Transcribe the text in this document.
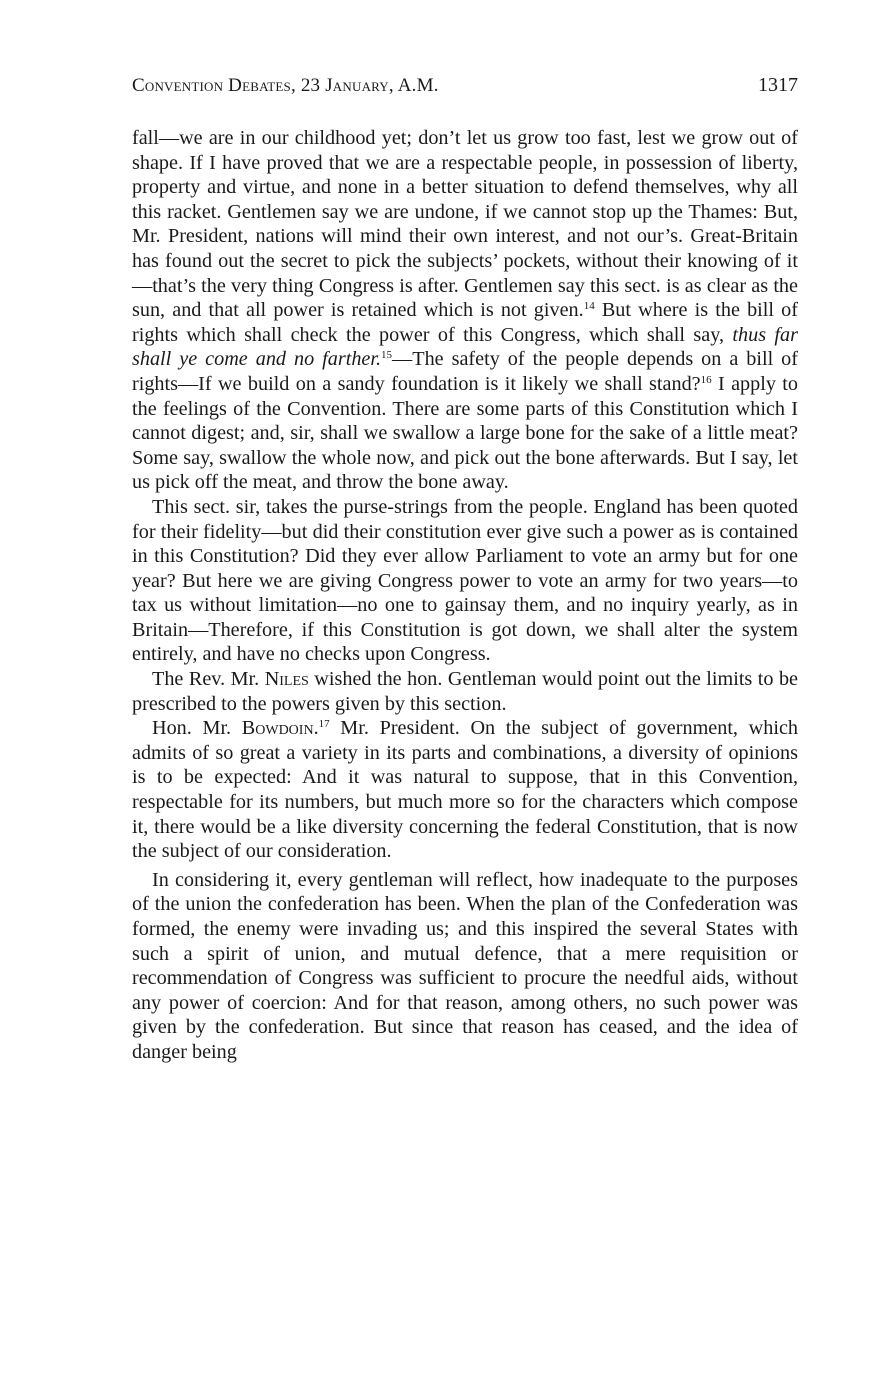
Convention Debates, 23 January, A.M.	1317

fall—we are in our childhood yet; don’t let us grow too fast, lest we grow out of shape. If I have proved that we are a respectable people, in possession of liberty, property and virtue, and none in a better situation to defend themselves, why all this racket. Gentlemen say we are undone, if we cannot stop up the Thames: But, Mr. President, nations will mind their own interest, and not our’s. Great-Britain has found out the secret to pick the subjects’ pockets, without their knowing of it—that’s the very thing Congress is after. Gentlemen say this sect. is as clear as the sun, and that all power is retained which is not given.$^{14}$ But where is the bill of rights which shall check the power of this Congress, which shall say, thus far shall ye come and no farther.$^{15}$—The safety of the people depends on a bill of rights—If we build on a sandy foundation is it likely we shall stand?$^{16}$ I apply to the feelings of the Convention. There are some parts of this Constitution which I cannot digest; and, sir, shall we swallow a large bone for the sake of a little meat? Some say, swallow the whole now, and pick out the bone afterwards. But I say, let us pick off the meat, and throw the bone away.

This sect. sir, takes the purse-strings from the people. England has been quoted for their fidelity—but did their constitution ever give such a power as is contained in this Constitution? Did they ever allow Parliament to vote an army but for one year? But here we are giving Congress power to vote an army for two years—to tax us without limitation—no one to gainsay them, and no inquiry yearly, as in Britain—Therefore, if this Constitution is got down, we shall alter the system entirely, and have no checks upon Congress.

The Rev. Mr. Niles wished the hon. Gentleman would point out the limits to be prescribed to the powers given by this section.

Hon. Mr. Bowdoin.$^{17}$ Mr. President. On the subject of government, which admits of so great a variety in its parts and combinations, a diversity of opinions is to be expected: And it was natural to suppose, that in this Convention, respectable for its numbers, but much more so for the characters which compose it, there would be a like diversity concerning the federal Constitution, that is now the subject of our consideration.

In considering it, every gentleman will reflect, how inadequate to the purposes of the union the confederation has been. When the plan of the Confederation was formed, the enemy were invading us; and this inspired the several States with such a spirit of union, and mutual defence, that a mere requisition or recommendation of Congress was sufficient to procure the needful aids, without any power of coercion: And for that reason, among others, no such power was given by the confederation. But since that reason has ceased, and the idea of danger being
